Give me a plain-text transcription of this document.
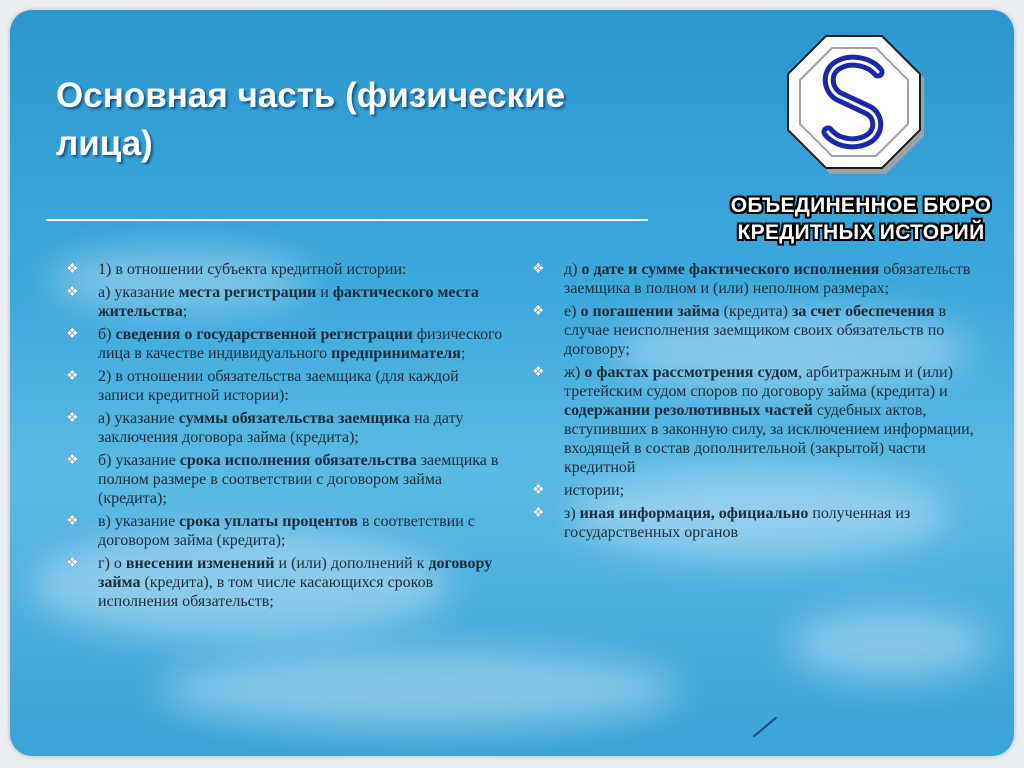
Основная часть (физические лица)
ОБЪЕДИНЕННОЕ БЮРО
КРЕДИТНЫХ ИСТОРИЙ
❖ 1) в отношении субъекта кредитной истории:
❖ а) указание места регистрации и фактического места жительства;
❖ б) сведения о государственной регистрации физического лица в качестве индивидуального предпринимателя;
❖ 2) в отношении обязательства заемщика (для каждой записи кредитной истории):
❖ а) указание суммы обязательства заемщика на дату заключения договора займа (кредита);
❖ б) указание срока исполнения обязательства заемщика в полном размере в соответствии с договором займа (кредита);
❖ в) указание срока уплаты процентов в соответствии с договором займа (кредита);
❖ г) о внесении изменений и (или) дополнений к договору займа (кредита), в том числе касающихся сроков исполнения обязательств;
❖ д) о дате и сумме фактического исполнения обязательств заемщика в полном и (или) неполном размерах;
❖ е) о погашении займа (кредита) за счет обеспечения в случае неисполнения заемщиком своих обязательств по договору;
❖ ж) о фактах рассмотрения судом, арбитражным и (или) третейским судом споров по договору займа (кредита) и содержании резолютивных частей судебных актов, вступивших в законную силу, за исключением информации, входящей в состав дополнительной (закрытой) части кредитной
❖ истории;
❖ з) иная информация, официально полученная из государственных органов
